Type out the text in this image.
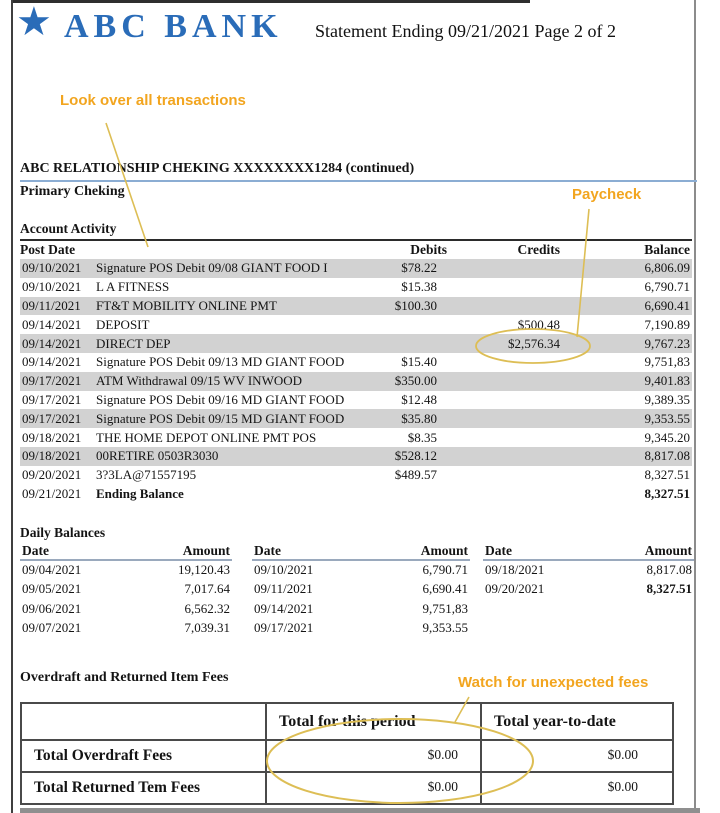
★ ABC BANK Statement Ending 09/21/2021 Page 2 of 2
Look over all transactions
Paycheck
Watch for unexpected fees
ABC RELATIONSHIP CHEKING XXXXXXXX1284 (continued)
Primary Cheking
Account Activity
Post Date		Debits	Credits	Balance
09/10/2021	Signature POS Debit 09/08 GIANT FOOD I	$78.22		6,806.09
09/10/2021	L A FITNESS	$15.38		6,790.71
09/11/2021	FT&T MOBILITY ONLINE PMT	$100.30		6,690.41
09/14/2021	DEPOSIT		$500.48	7,190.89
09/14/2021	DIRECT DEP		$2,576.34	9,767.23
09/14/2021	Signature POS Debit 09/13 MD GIANT FOOD	$15.40		9,751,83
09/17/2021	ATM Withdrawal 09/15 WV INWOOD	$350.00		9,401.83
09/17/2021	Signature POS Debit 09/16 MD GIANT FOOD	$12.48		9,389.35
09/17/2021	Signature POS Debit 09/15 MD GIANT FOOD	$35.80		9,353.55
09/18/2021	THE HOME DEPOT ONLINE PMT POS	$8.35		9,345.20
09/18/2021	00RETIRE 0503R3030	$528.12		8,817.08
09/20/2021	3?3LA@71557195	$489.57		8,327.51
09/21/2021	Ending Balance			8,327.51
Daily Balances
Date	Amount
09/04/2021	19,120.43
09/05/2021	7,017.64
09/06/2021	6,562.32
09/07/2021	7,039.31
Date	Amount
09/10/2021	6,790.71
09/11/2021	6,690.41
09/14/2021	9,751,83
09/17/2021	9,353.55
Date	Amount
09/18/2021	8,817.08
09/20/2021	8,327.51
Overdraft and Returned Item Fees
	Total for this period	Total year-to-date
Total Overdraft Fees	$0.00	$0.00
Total Returned Tem Fees	$0.00	$0.00
